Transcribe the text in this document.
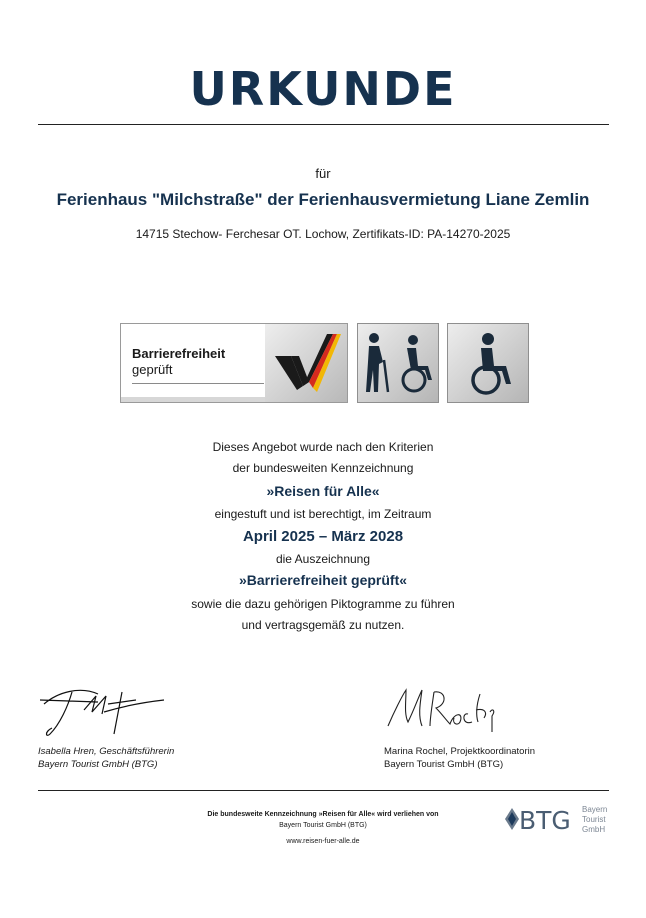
URKUNDE
für
Ferienhaus "Milchstraße" der Ferienhausvermietung Liane Zemlin
14715 Stechow- Ferchesar OT. Lochow, Zertifikats-ID: PA-14270-2025
Barrierefreiheit
geprüft
Dieses Angebot wurde nach den Kriterien
der bundesweiten Kennzeichnung
»Reisen für Alle«
eingestuft und ist berechtigt, im Zeitraum
April 2025 – März 2028
die Auszeichnung
»Barrierefreiheit geprüft«
sowie die dazu gehörigen Piktogramme zu führen
und vertragsgemäß zu nutzen.
Isabella Hren, Geschäftsführerin
Bayern Tourist GmbH (BTG)
Marina Rochel, Projektkoordinatorin
Bayern Tourist GmbH (BTG)
Die bundesweite Kennzeichnung »Reisen für Alle« wird verliehen von
Bayern Tourist GmbH (BTG)
www.reisen-fuer-alle.de
BTG Bayern
Tourist
GmbH
